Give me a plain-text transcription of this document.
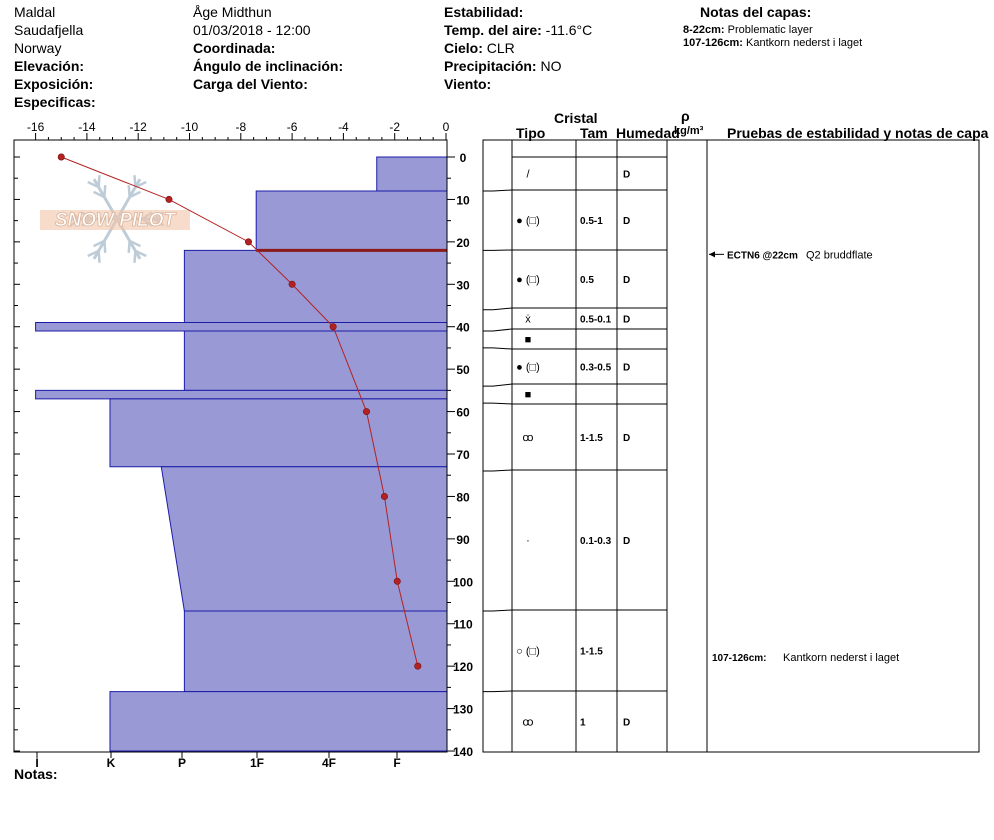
Maldal
Saudafjella
Norway
Elevación:
Exposición:
Especificas:
Åge Midthun
01/03/2018 - 12:00
Coordinada:
Ángulo de inclinación:
Carga del Viento:
Estabilidad:
Temp. del aire: -11.6°C
Cielo: CLR
Precipitación: NO
Viento:
Notas del capas:
8-22cm: Problematic layer
107-126cm: Kantkorn nederst i laget
Cristal
Tipo Tam Humedad
ρ
kg/m³ Pruebas de estabilidad y notas de capa
Notas:
SNOW PILOT
-16	-14	-12	-10	-8	-6	-4	-2	0
0
10
20
30
40
50
60
70
80
90
100
110
120
130
140
I	K	P	1F	4F	F
/	D
● (□)	0.5-1 D
● (□)	0.5	D
ẋ	0.5-0.1 D
■
● (□)	0.3-0.5 D
■
ꝏ	1-1.5 D
·	0.1-0.3 D
○ (□)	1-1.5
ꝏ	1	D
ECTN6 @22cm Q2 bruddflate
107-126cm: Kantkorn nederst i laget
